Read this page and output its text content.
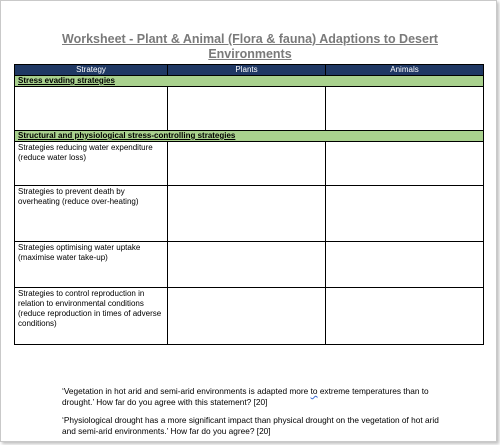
Worksheet - Plant & Animal (Flora & fauna) Adaptions to Desert Environments
Strategy	Plants	Animals
Stress evading strategies		

Structural and physiological stress-controlling strategies		
Strategies reducing water expenditure (reduce water loss)		
Strategies to prevent death by overheating (reduce over-heating)		
Strategies optimising water uptake (maximise water take-up)		
Strategies to control reproduction in relation to environmental conditions (reduce reproduction in times of adverse conditions)		

‘Vegetation in hot arid and semi-arid environments is adapted more to extreme temperatures than to drought.’ How far do you agree with this statement? [20]

‘Physiological drought has a more significant impact than physical drought on the vegetation of hot arid and semi-arid environments.’ How far do you agree? [20]
